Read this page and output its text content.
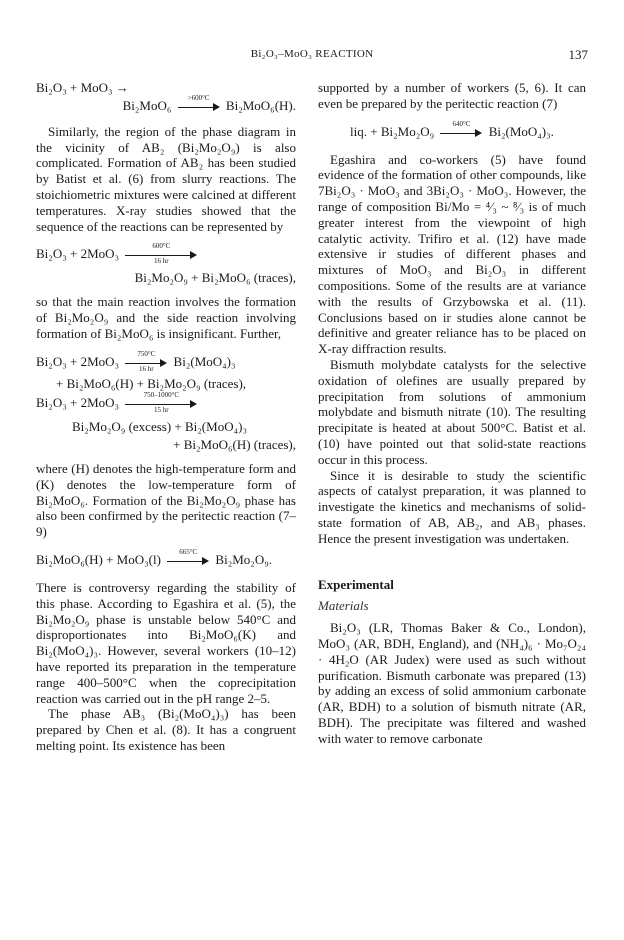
Bi₂O₃–MoO₃ REACTION	137
Bi₂O₃ + MoO₃ →
Bi₂MoO₆	>600°C	Bi₂MoO₆(H).

Similarly, the region of the phase diagram in the vicinity of AB₂ (Bi₂Mo₂O₉) is also complicated. Formation of AB₂ has been studied by Batist et al. (6) from slurry reactions. The stoichiometric mixtures were calcined at different temperatures. X-ray studies showed that the sequence of the reactions can be represented by

$Bi_2O_3 + 2MoO_3 \frac{600^\circ C}{16 hr}$
Bi₂Mo₂O₉ + Bi₂MoO₆ (traces),

so that the main reaction involves the formation of Bi₂Mo₂O₉ and the side reaction involving formation of Bi₂MoO₆ is insignificant. Further,

$Bi_2O_3 + 2MoO_3 \frac{750^\circ C}{16 hr} Bi_2(MoO_4)_3$
+ Bi₂MoO₆(H) + Bi₂Mo₂O₉ (traces),
$Bi_2O_3 + 2MoO_3 \frac{750-1000^\circ C}{15 hr}$
Bi₂Mo₂O₉ (excess) + Bi₂(MoO₄)₃
+ Bi₂MoO₆(H) (traces),

where (H) denotes the high-temperature form and (K) denotes the low-temperature form of Bi₂MoO₆. Formation of the Bi₂Mo₂O₉ phase has also been confirmed by the peritectic reaction (7–9)

Bi₂MoO₆(H) + MoO₃(l)	665°C	Bi₂Mo₂O₉.

There is controversy regarding the stability of this phase. According to Egashira et al. (5), the Bi₂Mo₂O₉ phase is unstable below 540°C and disproportionates into Bi₂MoO₆(K) and Bi₂(MoO₄)₃. However, several workers (10–12) have reported its preparation in the temperature range 400–500°C when the coprecipitation reaction was carried out in the pH range 2–5.

The phase AB₃ (Bi₂(MoO₄)₃) has been prepared by Chen et al. (8). It has a congruent melting point. Its existence has been

supported by a number of workers (5, 6). It can even be prepared by the peritectic reaction (7)

liq. + Bi₂Mo₂O₉	640°C	Bi₂(MoO₄)₃.

Egashira and co-workers (5) have found evidence of the formation of other compounds, like 7Bi₂O₃ · MoO₃ and 3Bi₂O₃ · MoO₃. However, the range of composition Bi/Mo = ⁴⁄₃ ~ ⁸⁄₃ is of much greater interest from the viewpoint of high catalytic activity. Trifiro et al. (12) have made extensive ir studies of different phases and mixtures of MoO₃ and Bi₂O₃ in different compositions. Some of the results are at variance with the results of Grzybowska et al. (11). Conclusions based on ir studies alone cannot be definitive and greater reliance has to be placed on X-ray diffraction results.

Bismuth molybdate catalysts for the selective oxidation of olefines are usually prepared by precipitation from solutions of ammonium molybdate and bismuth nitrate (10). The resulting precipitate is heated at about 500°C. Batist et al. (10) have pointed out that solid-state reactions occur in this process.

Since it is desirable to study the scientific aspects of catalyst preparation, it was planned to investigate the kinetics and mechanisms of solid-state formation of AB, AB₂, and AB₃ phases. Hence the present investigation was undertaken.

Experimental
Materials

Bi₂O₃ (LR, Thomas Baker & Co., London), MoO₃ (AR, BDH, England), and (NH₄)₆ · Mo₇O₂₄ · 4H₂O (AR Judex) were used as such without purification. Bismuth carbonate was prepared (13) by adding an excess of solid ammonium carbonate (AR, BDH) to a solution of bismuth nitrate (AR, BDH). The precipitate was filtered and washed with water to remove carbonate
